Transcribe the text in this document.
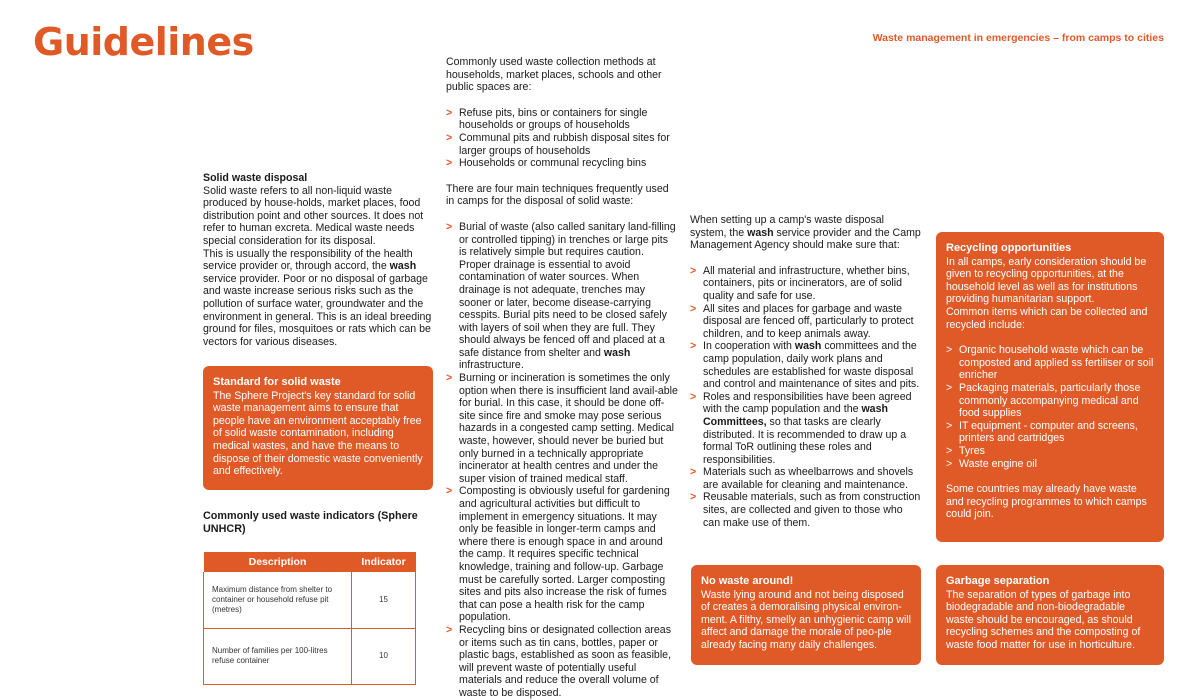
Guidelines	Waste management in emergencies – from camps to cities

Solid waste disposal

Solid waste refers to all non-liquid waste produced by house-holds, market places, food distribution point and other sources. It does not refer to human excreta. Medical waste needs special consideration for its disposal.

This is usually the responsibility of the health service provider or, through accord, the wash service provider. Poor or no disposal of garbage and waste increase serious risks such as the pollution of surface water, groundwater and the environment in general. This is an ideal breeding ground for files, mosquitoes or rats which can be vectors for various diseases.

Standard for solid waste

The Sphere Project's key standard for solid waste management aims to ensure that people have an environment acceptably free of solid waste contamination, including medical wastes, and have the means to dispose of their domestic waste conveniently and effectively.

Commonly used waste indicators (Sphere UNHCR)
Description	Indicator
Maximum distance from shelter to container or household refuse pit (metres)	15
Number of families per 100-litres refuse container	10

Commonly used waste collection methods at households, market places, schools and other public spaces are:

> Refuse pits, bins or containers for single households or groups of households
> Communal pits and rubbish disposal sites for larger groups of households
> Households or communal recycling bins

There are four main techniques frequently used in camps for the disposal of solid waste:

> Burial of waste (also called sanitary land-filling or controlled tipping) in trenches or large pits is relatively simple but requires caution. Proper drainage is essential to avoid contamination of water sources. When drainage is not adequate, trenches may sooner or later, become disease-carrying cesspits. Burial pits need to be closed safely with layers of soil when they are full. They should always be fenced off and placed at a safe distance from shelter and wash infrastructure.
> Burning or incineration is sometimes the only option when there is insufficient land avail-able for burial. In this case, it should be done off-site since fire and smoke may pose serious hazards in a congested camp setting. Medical waste, however, should never be buried but only burned in a technically appropriate incinerator at health centres and under the super vision of trained medical staff.
> Composting is obviously useful for gardening and agricultural activities but difficult to implement in emergency situations. It may only be feasible in longer-term camps and where there is enough space in and around the camp. It requires specific technical knowledge, training and follow-up. Garbage must be carefully sorted. Larger composting sites and pits also increase the risk of fumes that can pose a health risk for the camp population.
> Recycling bins or designated collection areas or items such as tin cans, bottles, paper or plastic bags, established as soon as feasible, will prevent waste of potentially useful materials and reduce the overall volume of waste to be disposed.

When setting up a camp's waste disposal system, the wash service provider and the Camp Management Agency should make sure that:

> All material and infrastructure, whether bins, containers, pits or incinerators, are of solid quality and safe for use.
> All sites and places for garbage and waste disposal are fenced off, particularly to protect children, and to keep animals away.
> In cooperation with wash committees and the camp population, daily work plans and schedules are established for waste disposal and control and maintenance of sites and pits.
> Roles and responsibilities have been agreed with the camp population and the wash Committees, so that tasks are clearly distributed. It is recommended to draw up a formal ToR outlining these roles and responsibilities.
> Materials such as wheelbarrows and shovels are available for cleaning and maintenance.
> Reusable materials, such as from construction sites, are collected and given to those who can make use of them.

No waste around!

Waste lying around and not being disposed of creates a demoralising physical environ-ment. A filthy, smelly an unhygienic camp will affect and damage the morale of peo-ple already facing many daily challenges.

Recycling opportunities

In all camps, early consideration should be given to recycling opportunities, at the household level as well as for institutions providing humanitarian support.

Common items which can be collected and recycled include:

> Organic household waste which can be composted and applied ss fertiliser or soil enricher
> Packaging materials, particularly those commonly accompanying medical and food supplies
> IT equipment - computer and screens, printers and cartridges
> Tyres
> Waste engine oil

Some countries may already have waste and recycling programmes to which camps could join.

Garbage separation

The separation of types of garbage into biodegradable and non-biodegradable waste should be encouraged, as should recycling schemes and the composting of waste food matter for use in horticulture.
